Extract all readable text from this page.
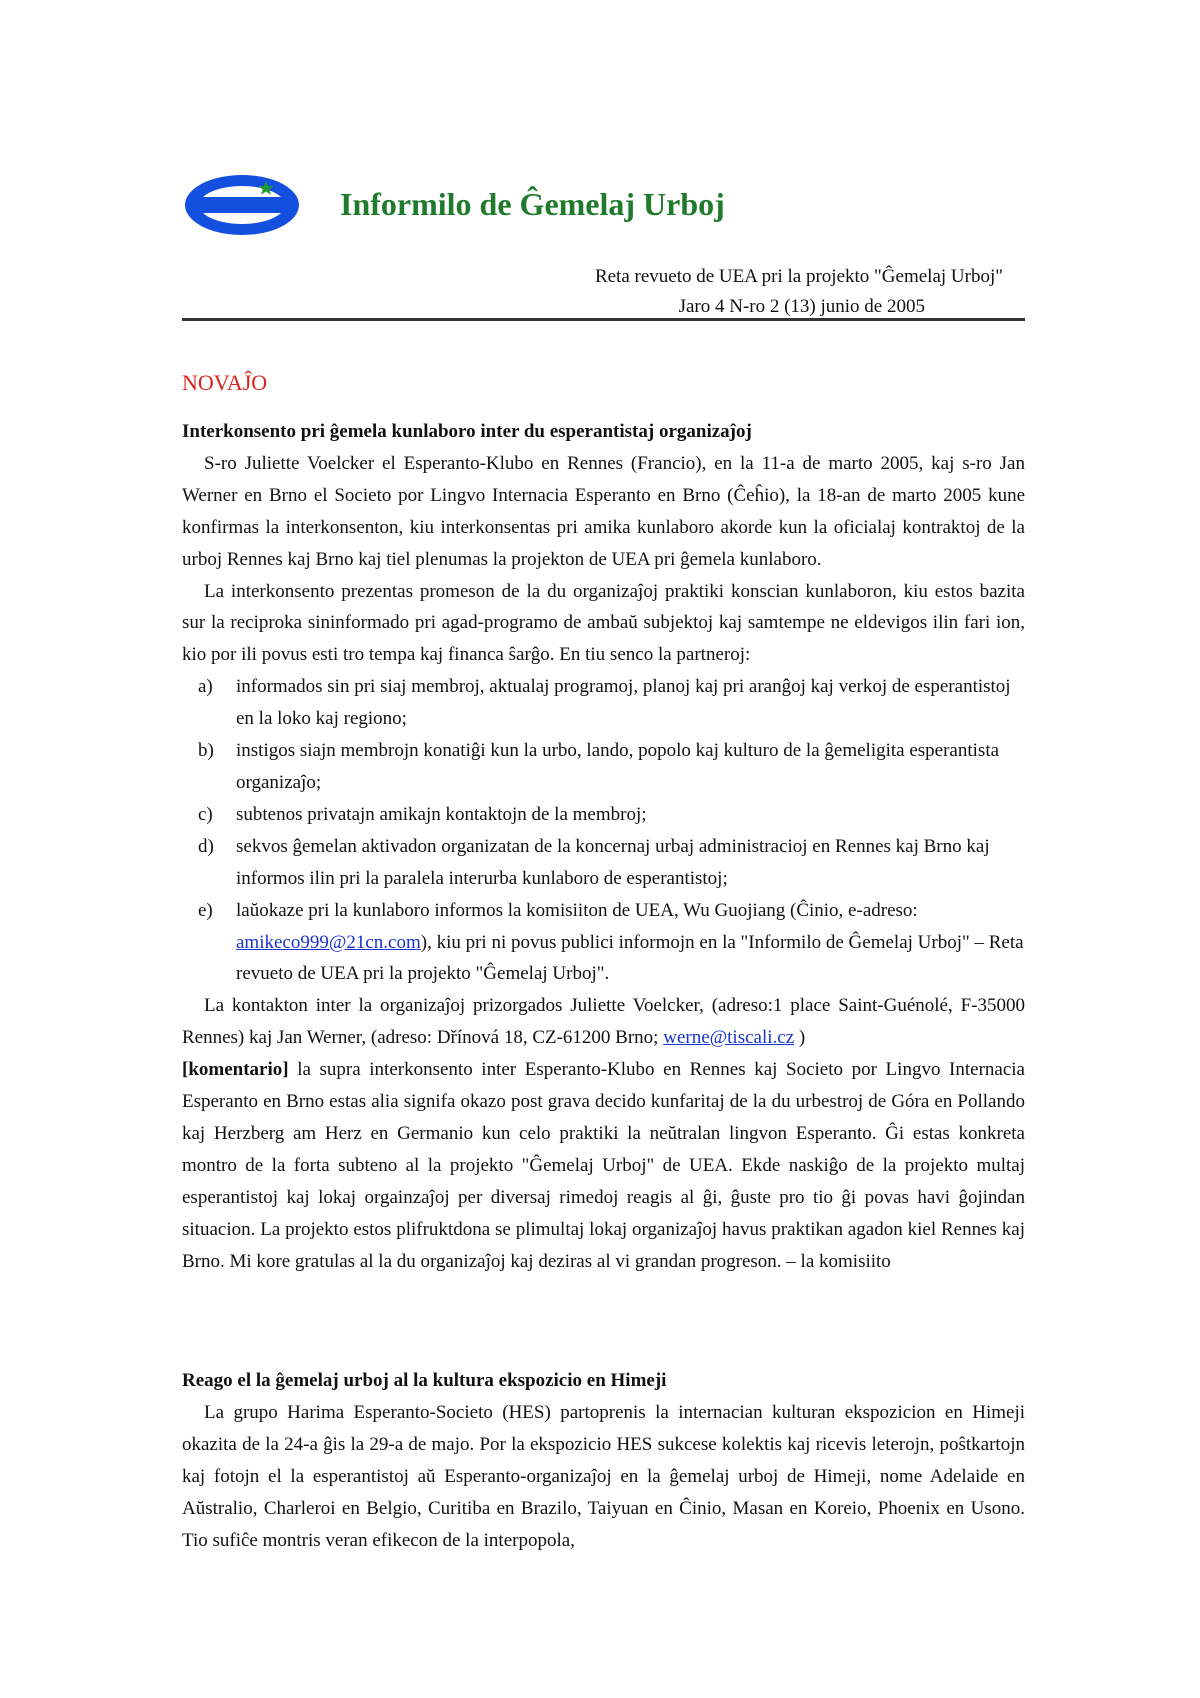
Informilo de Ĝemelaj Urboj
Reta revueto de UEA pri la projekto "Ĝemelaj Urboj"
Jaro 4 N-ro 2 (13) junio de 2005
NOVAĴO

Interkonsento pri ĝemela kunlaboro inter du esperantistaj organizaĵoj

S-ro Juliette Voelcker el Esperanto-Klubo en Rennes (Francio), en la 11-a de marto 2005, kaj s-ro Jan Werner en Brno el Societo por Lingvo Internacia Esperanto en Brno (Ĉeĥio), la 18-an de marto 2005 kune konfirmas la interkonsenton, kiu interkonsentas pri amika kunlaboro akorde kun la oficialaj kontraktoj de la urboj Rennes kaj Brno kaj tiel plenumas la projekton de UEA pri ĝemela kunlaboro.

La interkonsento prezentas promeson de la du organizaĵoj praktiki konscian kunlaboron, kiu estos bazita sur la reciproka sininformado pri agad-programo de ambaŭ subjektoj kaj samtempe ne eldevigos ilin fari ion, kio por ili povus esti tro tempa kaj financa ŝarĝo. En tiu senco la partneroj:

a) informados sin pri siaj membroj, aktualaj programoj, planoj kaj pri aranĝoj kaj verkoj de esperantistoj en la loko kaj regiono;
b) instigos siajn membrojn konatiĝi kun la urbo, lando, popolo kaj kulturo de la ĝemeligita esperantista organizaĵo;
c) subtenos privatajn amikajn kontaktojn de la membroj;
d) sekvos ĝemelan aktivadon organizatan de la koncernaj urbaj administracioj en Rennes kaj Brno kaj informos ilin pri la paralela interurba kunlaboro de esperantistoj;
e) laŭokaze pri la kunlaboro informos la komisiiton de UEA, Wu Guojiang (Ĉinio, e-adreso: amikeco999@21cn.com), kiu pri ni povus publici informojn en la "Informilo de Ĝemelaj Urboj" – Reta revueto de UEA pri la projekto "Ĝemelaj Urboj".

La kontakton inter la organizaĵoj prizorgados Juliette Voelcker, (adreso:1 place Saint-Guénolé, F-35000 Rennes) kaj Jan Werner, (adreso: Dřínová 18, CZ-61200 Brno; werne@tiscali.cz )

[komentario] la supra interkonsento inter Esperanto-Klubo en Rennes kaj Societo por Lingvo Internacia Esperanto en Brno estas alia signifa okazo post grava decido kunfaritaj de la du urbestroj de Góra en Pollando kaj Herzberg am Herz en Germanio kun celo praktiki la neŭtralan lingvon Esperanto. Ĝi estas konkreta montro de la forta subteno al la projekto "Ĝemelaj Urboj" de UEA. Ekde naskiĝo de la projekto multaj esperantistoj kaj lokaj orgainzaĵoj per diversaj rimedoj reagis al ĝi, ĝuste pro tio ĝi povas havi ĝojindan situacion. La projekto estos plifruktdona se plimultaj lokaj organizaĵoj havus praktikan agadon kiel Rennes kaj Brno. Mi kore gratulas al la du organizaĵoj kaj deziras al vi grandan progreson. – la komisiito

Reago el la ĝemelaj urboj al la kultura ekspozicio en Himeji

La grupo Harima Esperanto-Societo (HES) partoprenis la internacian kulturan ekspozicion en Himeji okazita de la 24-a ĝis la 29-a de majo. Por la ekspozicio HES sukcese kolektis kaj ricevis leterojn, poŝtkartojn kaj fotojn el la esperantistoj aŭ Esperanto-organizaĵoj en la ĝemelaj urboj de Himeji, nome Adelaide en Aŭstralio, Charleroi en Belgio, Curitiba en Brazilo, Taiyuan en Ĉinio, Masan en Koreio, Phoenix en Usono. Tio sufiĉe montris veran efikecon de la interpopola,
